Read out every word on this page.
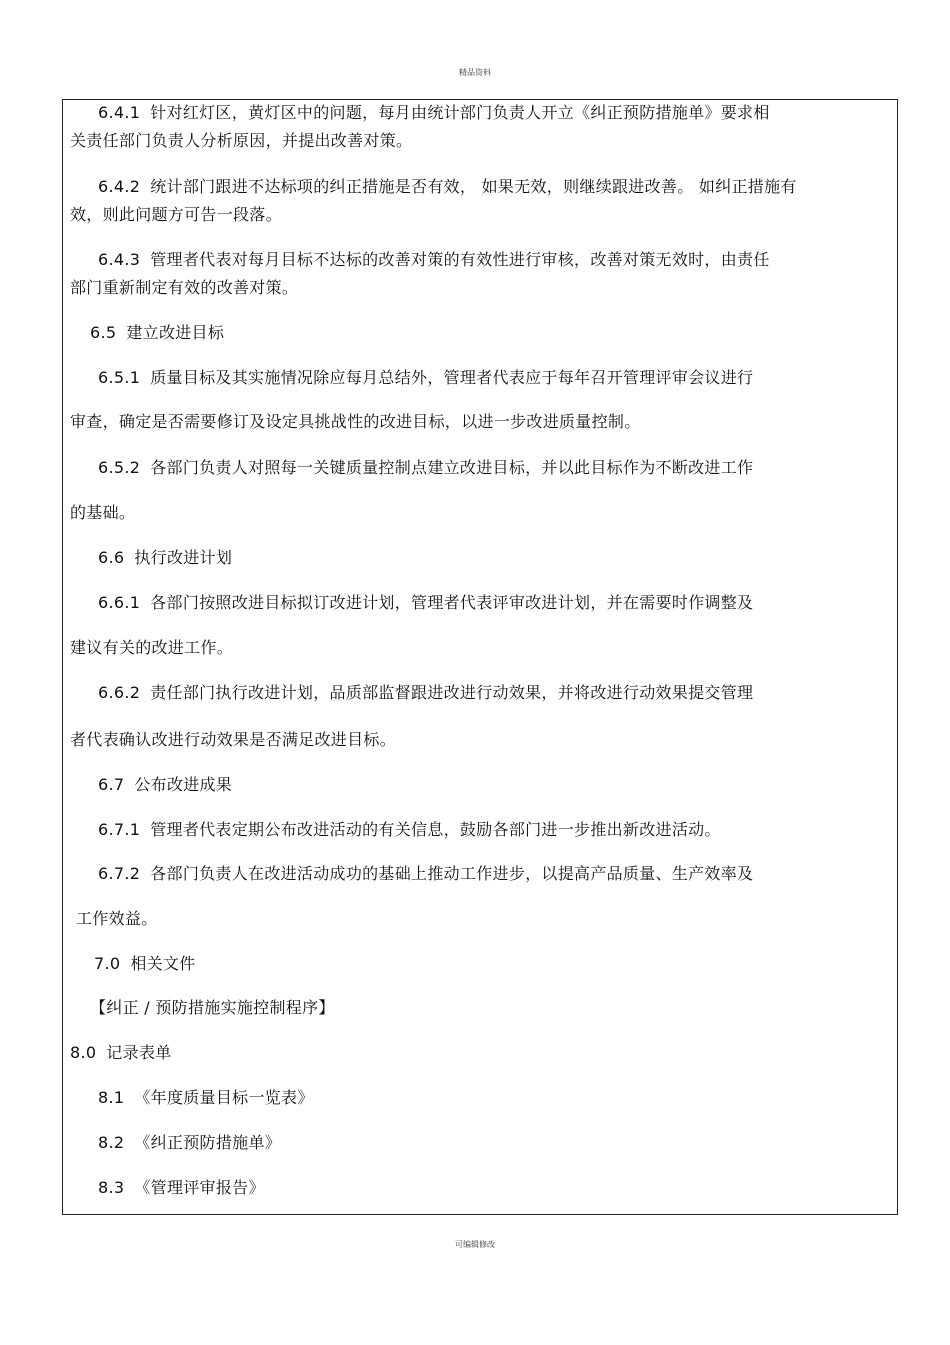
精品资料
6.4.1 针对红灯区，黄灯区中的问题，每月由统计部门负责人开立《纠正预防措施单》要求相
关责任部门负责人分析原因，并提出改善对策。
6.4.2 统计部门跟进不达标项的纠正措施是否有效， 如果无效，则继续跟进改善。 如纠正措施有
效，则此问题方可告一段落。
6.4.3 管理者代表对每月目标不达标的改善对策的有效性进行审核，改善对策无效时，由责任
部门重新制定有效的改善对策。
6.5 建立改进目标
6.5.1 质量目标及其实施情况除应每月总结外，管理者代表应于每年召开管理评审会议进行
审查，确定是否需要修订及设定具挑战性的改进目标，以进一步改进质量控制。
6.5.2 各部门负责人对照每一关键质量控制点建立改进目标，并以此目标作为不断改进工作
的基础。
6.6 执行改进计划
6.6.1 各部门按照改进目标拟订改进计划，管理者代表评审改进计划，并在需要时作调整及
建议有关的改进工作。
6.6.2 责任部门执行改进计划，品质部监督跟进改进行动效果，并将改进行动效果提交管理
者代表确认改进行动效果是否满足改进目标。
6.7 公布改进成果
6.7.1 管理者代表定期公布改进活动的有关信息，鼓励各部门进一步推出新改进活动。
6.7.2 各部门负责人在改进活动成功的基础上推动工作进步，以提高产品质量、生产效率及
工作效益。
7.0 相关文件
【纠正 / 预防措施实施控制程序】
8.0 记录表单
8.1 《年度质量目标一览表》
8.2 《纠正预防措施单》
8.3 《管理评审报告》
可编辑修改
